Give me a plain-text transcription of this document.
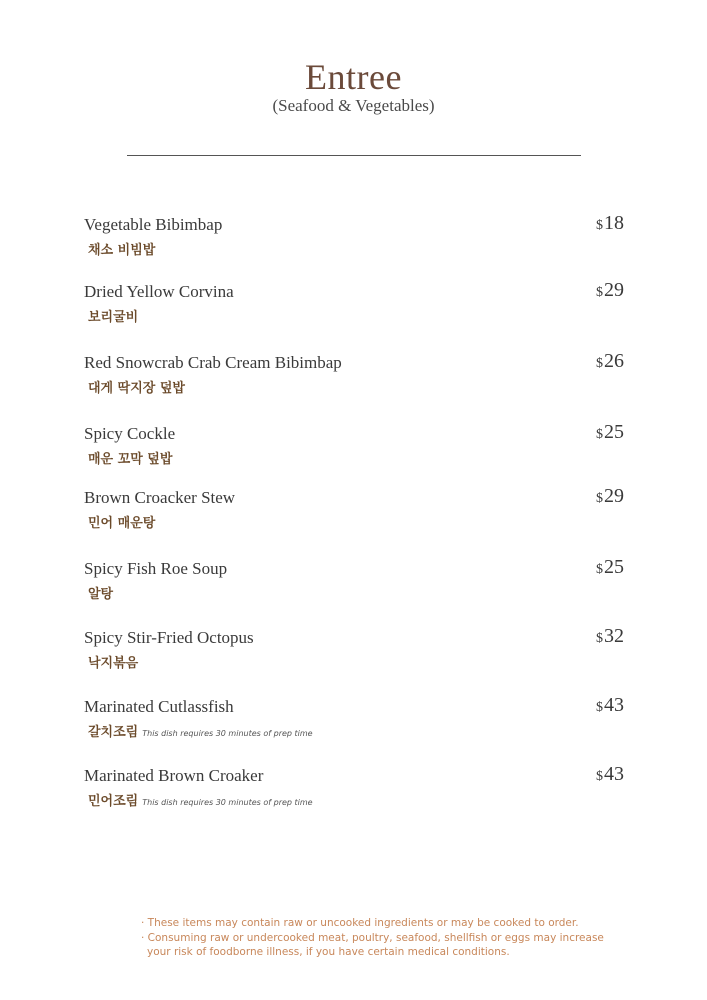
Entree
(Seafood & Vegetables)
Vegetable Bibimbap
채소 비빔밥
$18
Dried Yellow Corvina
보리굴비
$29
Red Snowcrab Crab Cream Bibimbap
대게 딱지장 덮밥
$26
Spicy Cockle
매운 꼬막 덮밥
$25
Brown Croacker Stew
민어 매운탕
$29
Spicy Fish Roe Soup
알탕
$25
Spicy Stir-Fried Octopus
낙지볶음
$32
Marinated Cutlassfish
갈치조림 This dish requires 30 minutes of prep time
$43
Marinated Brown Croaker
민어조림 This dish requires 30 minutes of prep time
$43
· These items may contain raw or uncooked ingredients or may be cooked to order.
· Consuming raw or undercooked meat, poultry, seafood, shellfish or eggs may increase
your risk of foodborne illness, if you have certain medical conditions.
